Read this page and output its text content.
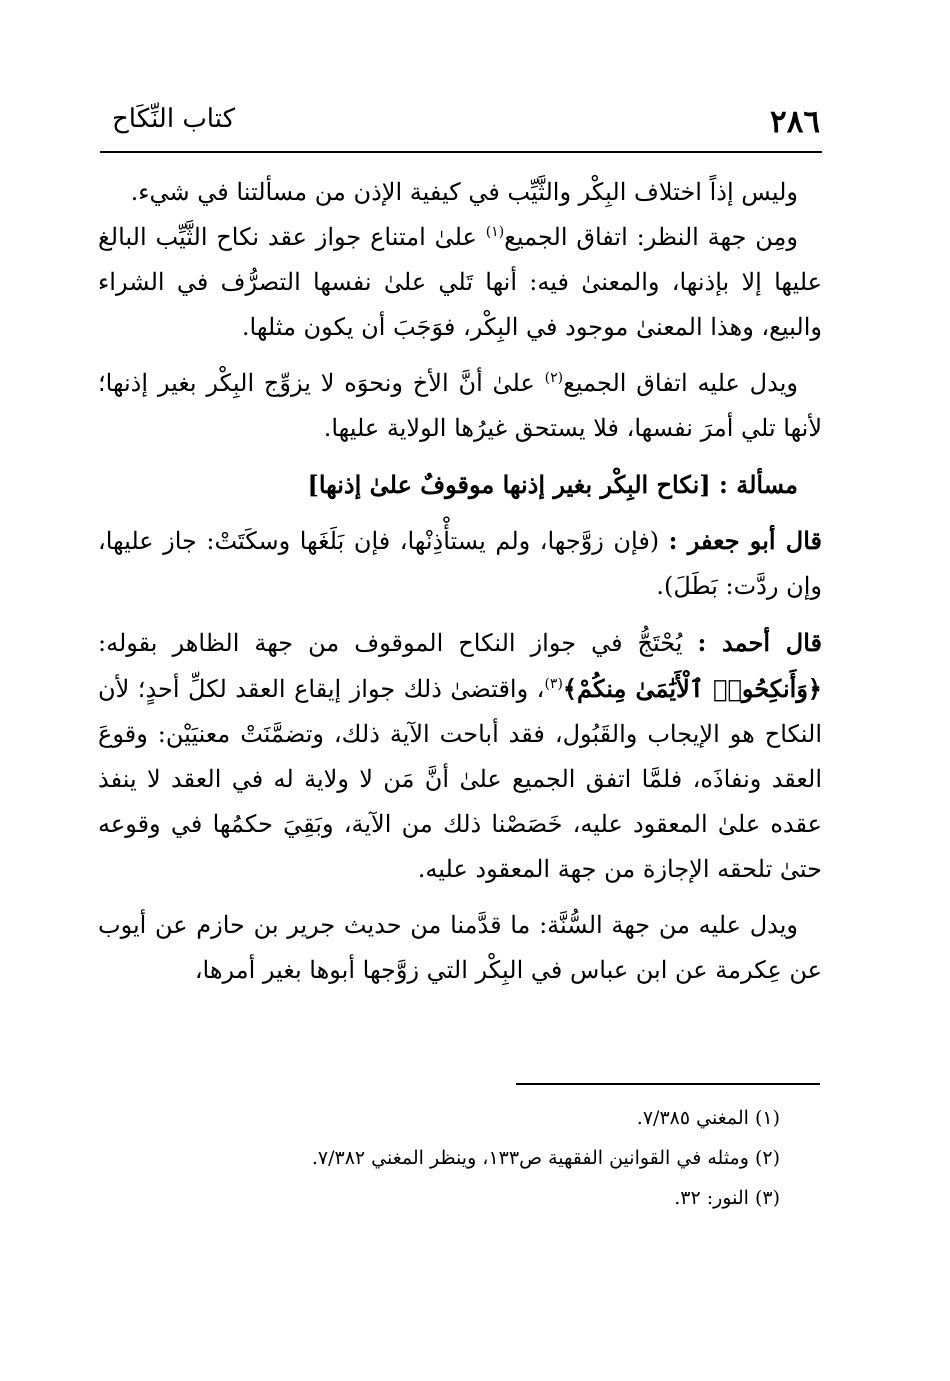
٢٨٦
كتاب النِّكَاح

وليس إذاً اختلاف البِكْر والثَّيِّب في كيفية الإذن من مسألتنا في شيء.

ومِن جهة النظر: اتفاق الجميع$^{(١)}$ علىٰ امتناع جواز عقد نكاح الثَّيِّب البالغ عليها إلا بإذنها، والمعنىٰ فيه: أنها تَلي علىٰ نفسها التصرُّف في الشراء والبيع، وهذا المعنىٰ موجود في البِكْر، فوَجَبَ أن يكون مثلها.

ويدل عليه اتفاق الجميع$^{(٢)}$ علىٰ أنَّ الأخ ونحوَه لا يزوِّج البِكْر بغير إذنها؛ لأنها تلي أمرَ نفسها، فلا يستحق غيرُها الولاية عليها.

مسألة : [نكاح البِكْر بغير إذنها موقوفٌ علىٰ إذنها]

قال أبو جعفر : (فإن زوَّجها، ولم يستأْذِنْها، فإن بَلَغَها وسكَتَتْ: جاز عليها، وإن ردَّت: بَطَلَ).

قال أحمد : يُحْتَجُّ في جواز النكاح الموقوف من جهة الظاهر بقوله: ﴿وَأَنكِحُوا۟ ٱلْأَيَٰمَىٰ مِنكُمْ﴾$^{(٣)}$، واقتضىٰ ذلك جواز إيقاع العقد لكلِّ أحدٍ؛ لأن النكاح هو الإيجاب والقَبُول، فقد أباحت الآية ذلك، وتضمَّنَتْ معنيَيْن: وقوعَ العقد ونفاذَه، فلمَّا اتفق الجميع علىٰ أنَّ مَن لا ولاية له في العقد لا ينفذ عقده علىٰ المعقود عليه، خَصَصْنا ذلك من الآية، وبَقِيَ حكمُها في وقوعه حتىٰ تلحقه الإجازة من جهة المعقود عليه.

ويدل عليه من جهة السُّنَّة: ما قدَّمنا من حديث جرير بن حازم عن أيوب عن عِكرمة عن ابن عباس في البِكْر التي زوَّجها أبوها بغير أمرها،

(١) المغني ٧/٣٨٥.

(٢) ومثله في القوانين الفقهية ص١٣٣، وينظر المغني ٧/٣٨٢.

(٣) النور: ٣٢.
